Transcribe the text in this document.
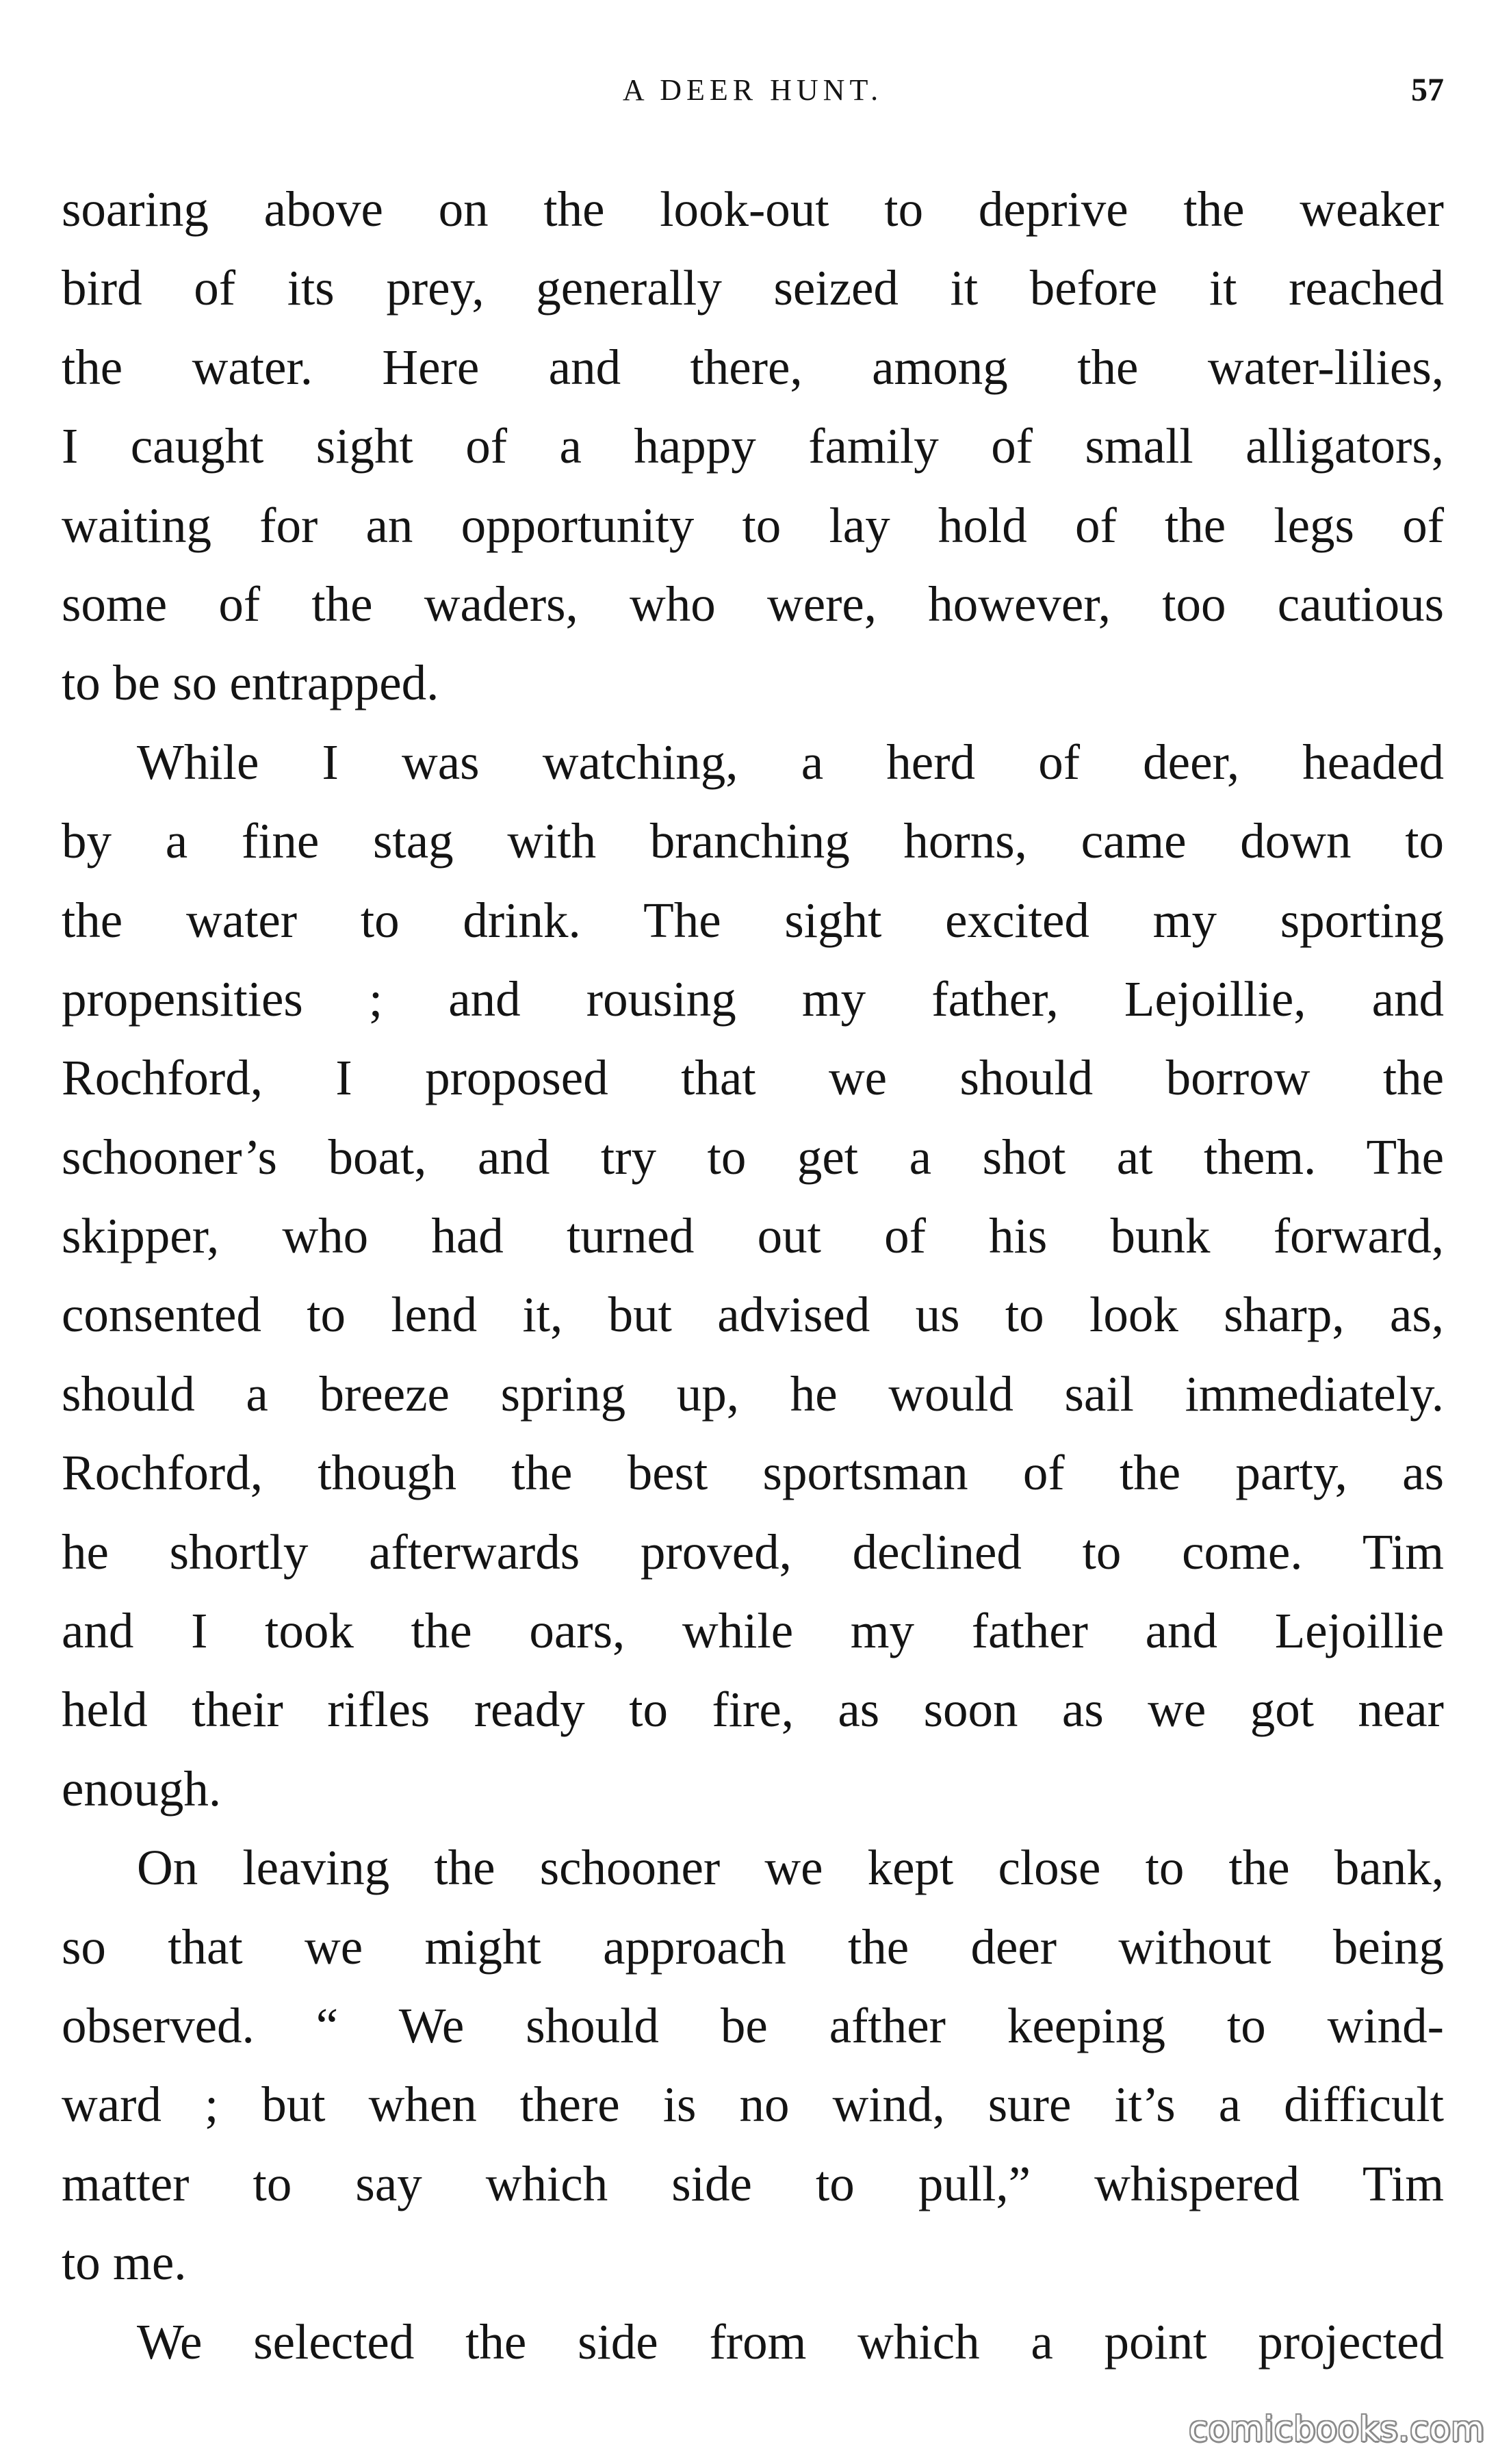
A DEER HUNT.	57
soaring above on the look-out to deprive the weaker
bird of its prey, generally seized it before it reached
the water. Here and there, among the water-lilies,
I caught sight of a happy family of small alligators,
waiting for an opportunity to lay hold of the legs of
some of the waders, who were, however, too cautious
to be so entrapped.
While I was watching, a herd of deer, headed
by a fine stag with branching horns, came down to
the water to drink. The sight excited my sporting
propensities ; and rousing my father, Lejoillie, and
Rochford, I proposed that we should borrow the
schooner’s boat, and try to get a shot at them. The
skipper, who had turned out of his bunk forward,
consented to lend it, but advised us to look sharp, as,
should a breeze spring up, he would sail immediately.
Rochford, though the best sportsman of the party, as
he shortly afterwards proved, declined to come. Tim
and I took the oars, while my father and Lejoillie
held their rifles ready to fire, as soon as we got near
enough.
On leaving the schooner we kept close to the bank,
so that we might approach the deer without being
observed. “ We should be afther keeping to wind-
ward ; but when there is no wind, sure it’s a difficult
matter to say which side to pull,” whispered Tim
to me.
We selected the side from which a point projected
comicbooks.com
